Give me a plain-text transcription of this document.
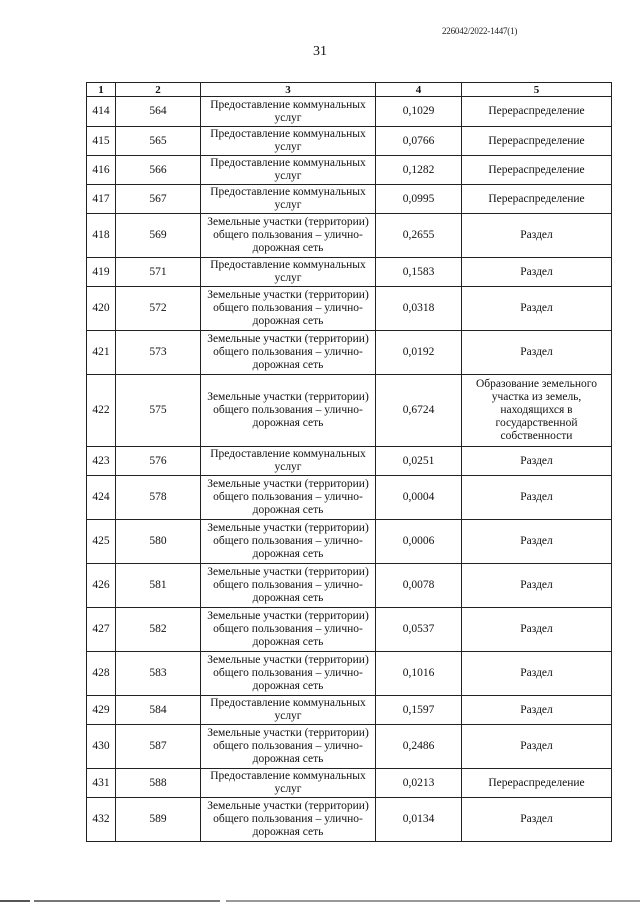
226042/2022-1447(1)
31
1	2	3	4	5
414	564	Предоставление коммунальных услуг	0,1029	Перераспределение
415	565	Предоставление коммунальных услуг	0,0766	Перераспределение
416	566	Предоставление коммунальных услуг	0,1282	Перераспределение
417	567	Предоставление коммунальных услуг	0,0995	Перераспределение
418	569	Земельные участки (территории) общего пользования – улично-дорожная сеть	0,2655	Раздел
419	571	Предоставление коммунальных услуг	0,1583	Раздел
420	572	Земельные участки (территории) общего пользования – улично-дорожная сеть	0,0318	Раздел
421	573	Земельные участки (территории) общего пользования – улично-дорожная сеть	0,0192	Раздел
422	575	Земельные участки (территории) общего пользования – улично-дорожная сеть	0,6724	Образование земельного участка из земель, находящихся в государственной собственности
423	576	Предоставление коммунальных услуг	0,0251	Раздел
424	578	Земельные участки (территории) общего пользования – улично-дорожная сеть	0,0004	Раздел
425	580	Земельные участки (территории) общего пользования – улично-дорожная сеть	0,0006	Раздел
426	581	Земельные участки (территории) общего пользования – улично-дорожная сеть	0,0078	Раздел
427	582	Земельные участки (территории) общего пользования – улично-дорожная сеть	0,0537	Раздел
428	583	Земельные участки (территории) общего пользования – улично-дорожная сеть	0,1016	Раздел
429	584	Предоставление коммунальных услуг	0,1597	Раздел
430	587	Земельные участки (территории) общего пользования – улично-дорожная сеть	0,2486	Раздел
431	588	Предоставление коммунальных услуг	0,0213	Перераспределение
432	589	Земельные участки (территории) общего пользования – улично-дорожная сеть	0,0134	Раздел
